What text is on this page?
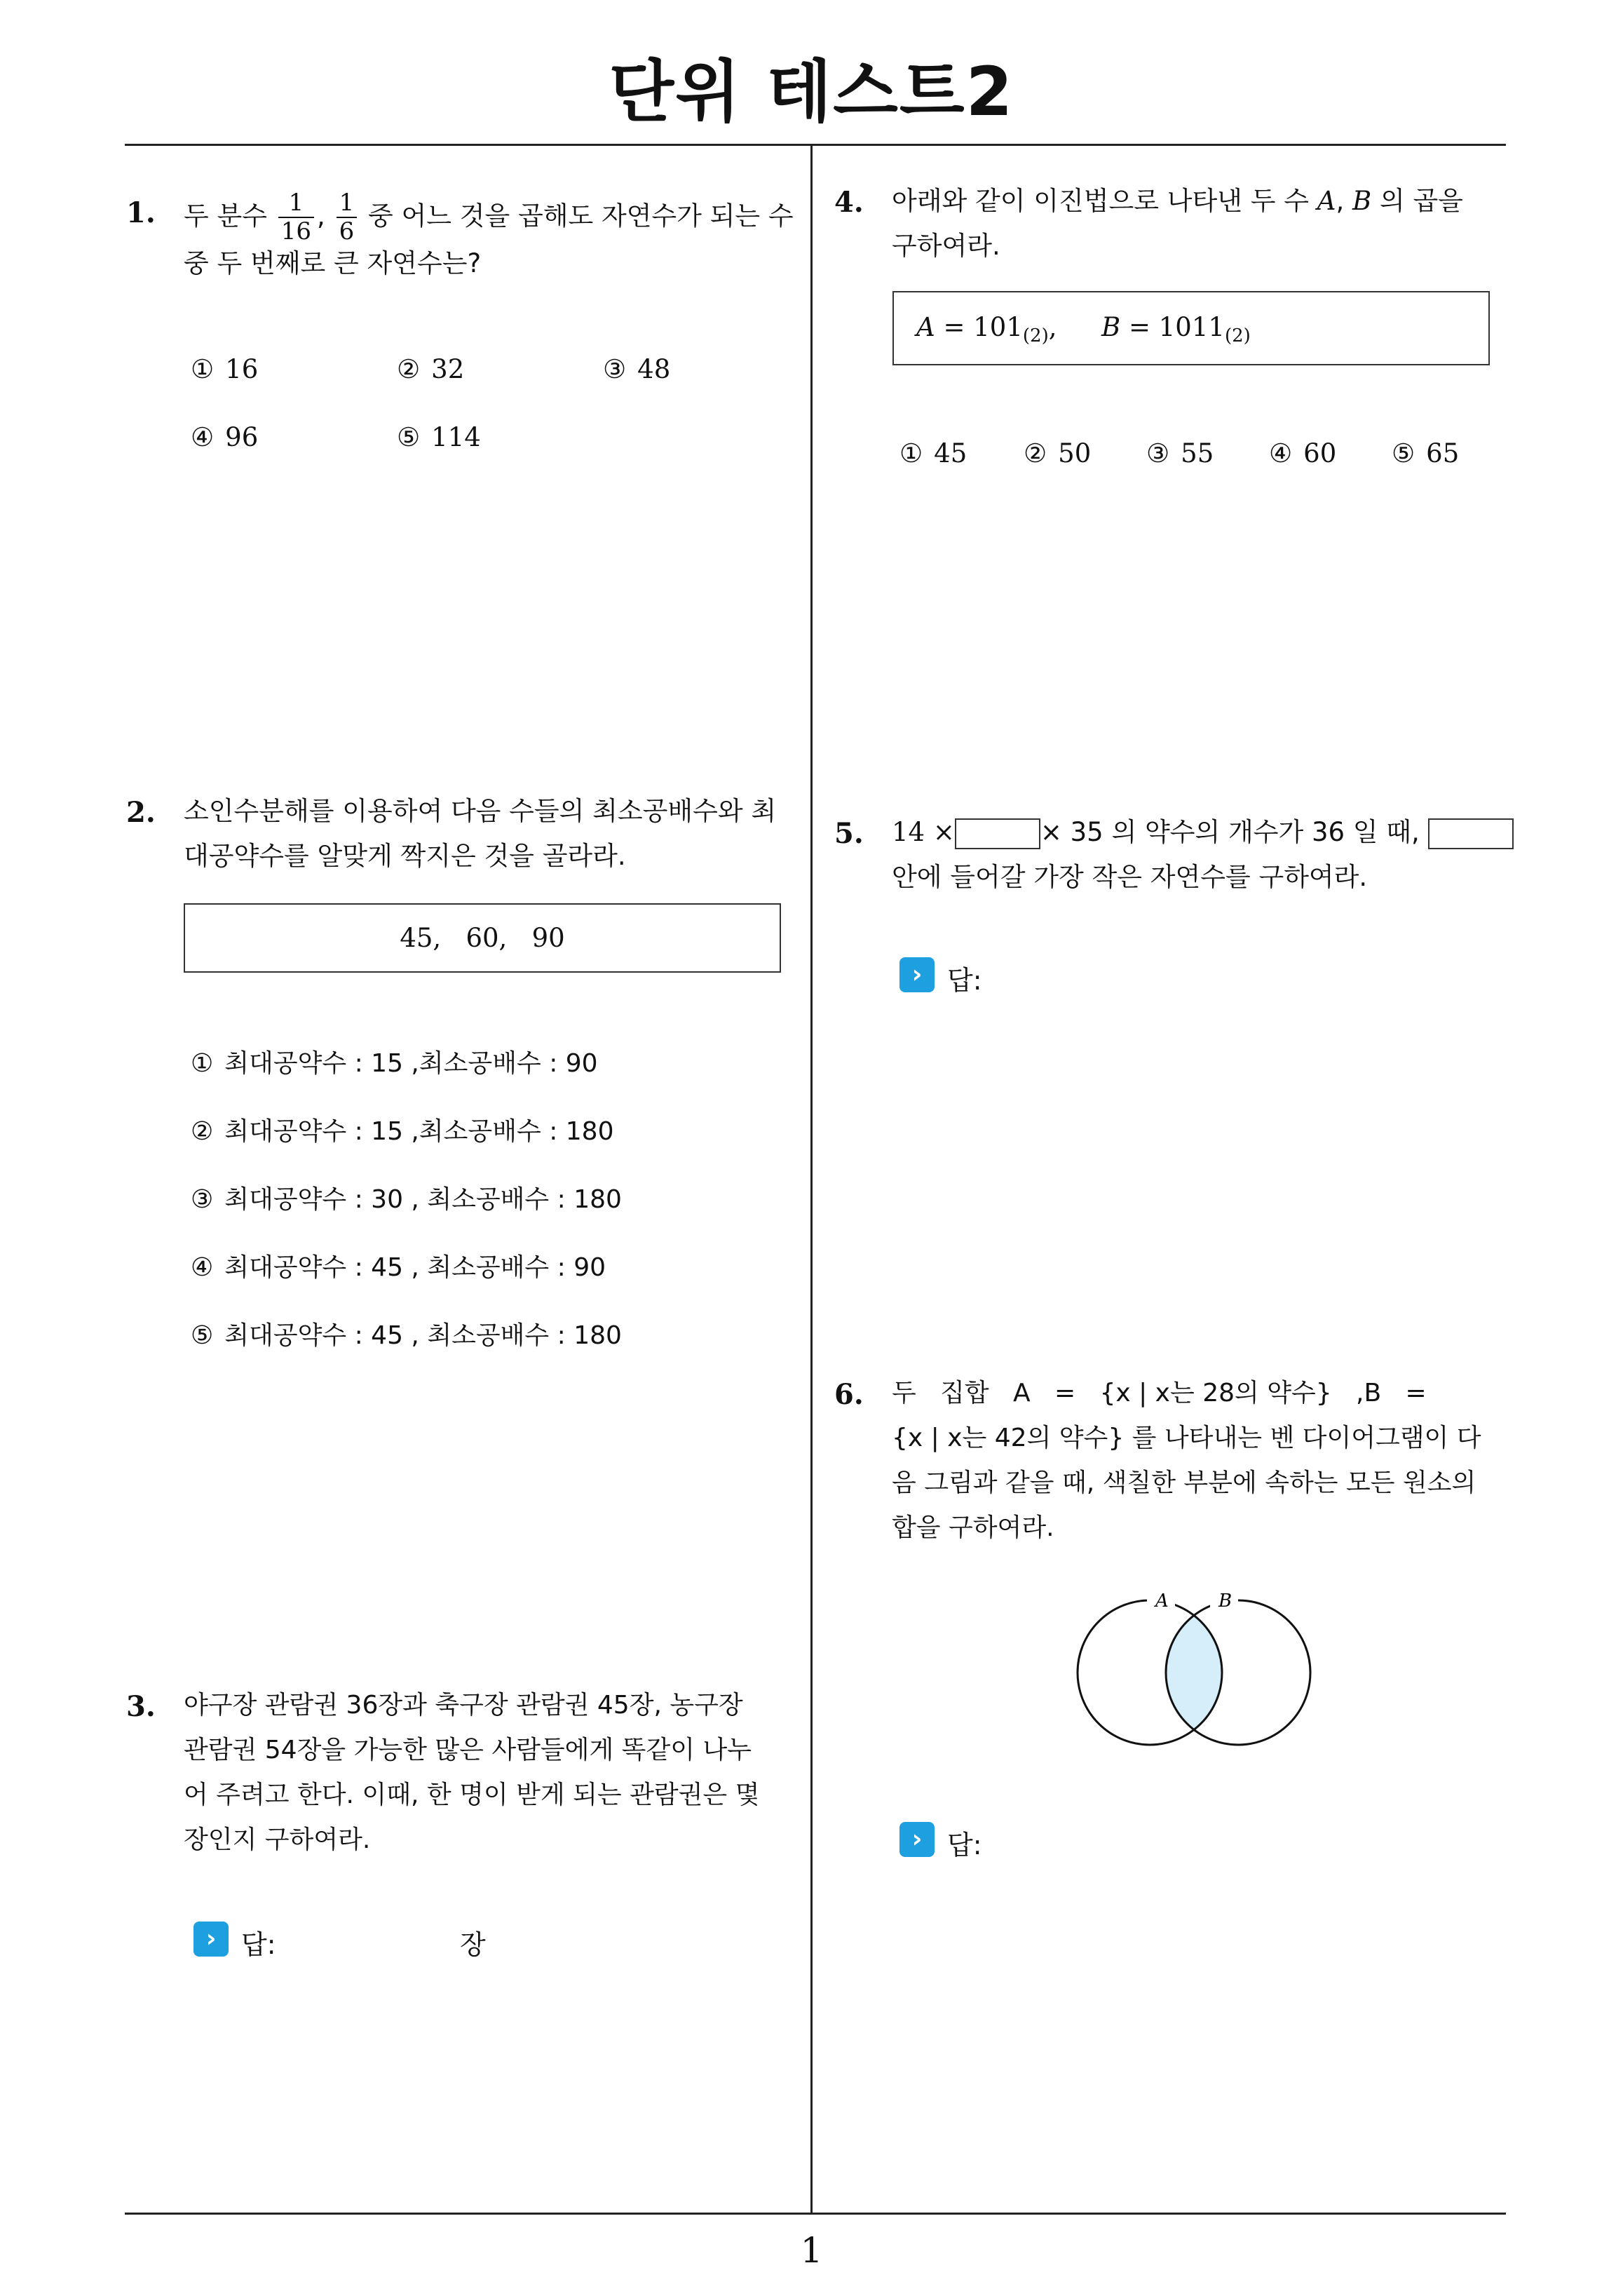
단위 테스트2
1
1. 두 분수 $\frac{1}{16}$ , $\frac{1}{6}$ 중 어느 것을 곱해도 자연수가 되는 수
중 두 번째로 큰 자연수는?
① 16	② 32	③ 48
④ 96	⑤ 114
2. 소인수분해를 이용하여 다음 수들의 최소공배수와 최
대공약수를 알맞게 짝지은 것을 골라라.
45,   60,   90
① 최대공약수 : 15 ,최소공배수 : 90
② 최대공약수 : 15 ,최소공배수 : 180
③ 최대공약수 : 30 , 최소공배수 : 180
④ 최대공약수 : 45 , 최소공배수 : 90
⑤ 최대공약수 : 45 , 최소공배수 : 180
3. 야구장 관람권 36장과 축구장 관람권 45장, 농구장
관람권 54장을 가능한 많은 사람들에게 똑같이 나누
어 주려고 한다. 이때, 한 명이 받게 되는 관람권은 몇
장인지 구하여라.
› 답:	장
4. 아래와 같이 이진법으로 나타낸 두 수 A, B 의 곱을
구하여라.
$A = 101_{(2)}$, $B = 1011_{(2)}$
① 45 ② 50 ③ 55 ④ 60 ⑤ 65
5. 14 ×	× 35 의 약수의 개수가 36 일 때,
안에 들어갈 가장 작은 자연수를 구하여라.
› 답:
6. 두   집합   A   =   {x | x는 28의 약수}   ,B   =
{x | x는 42의 약수} 를 나타내는 벤 다이어그램이 다
음 그림과 같을 때, 색칠한 부분에 속하는 모든 원소의
합을 구하여라.
A	B
› 답:
